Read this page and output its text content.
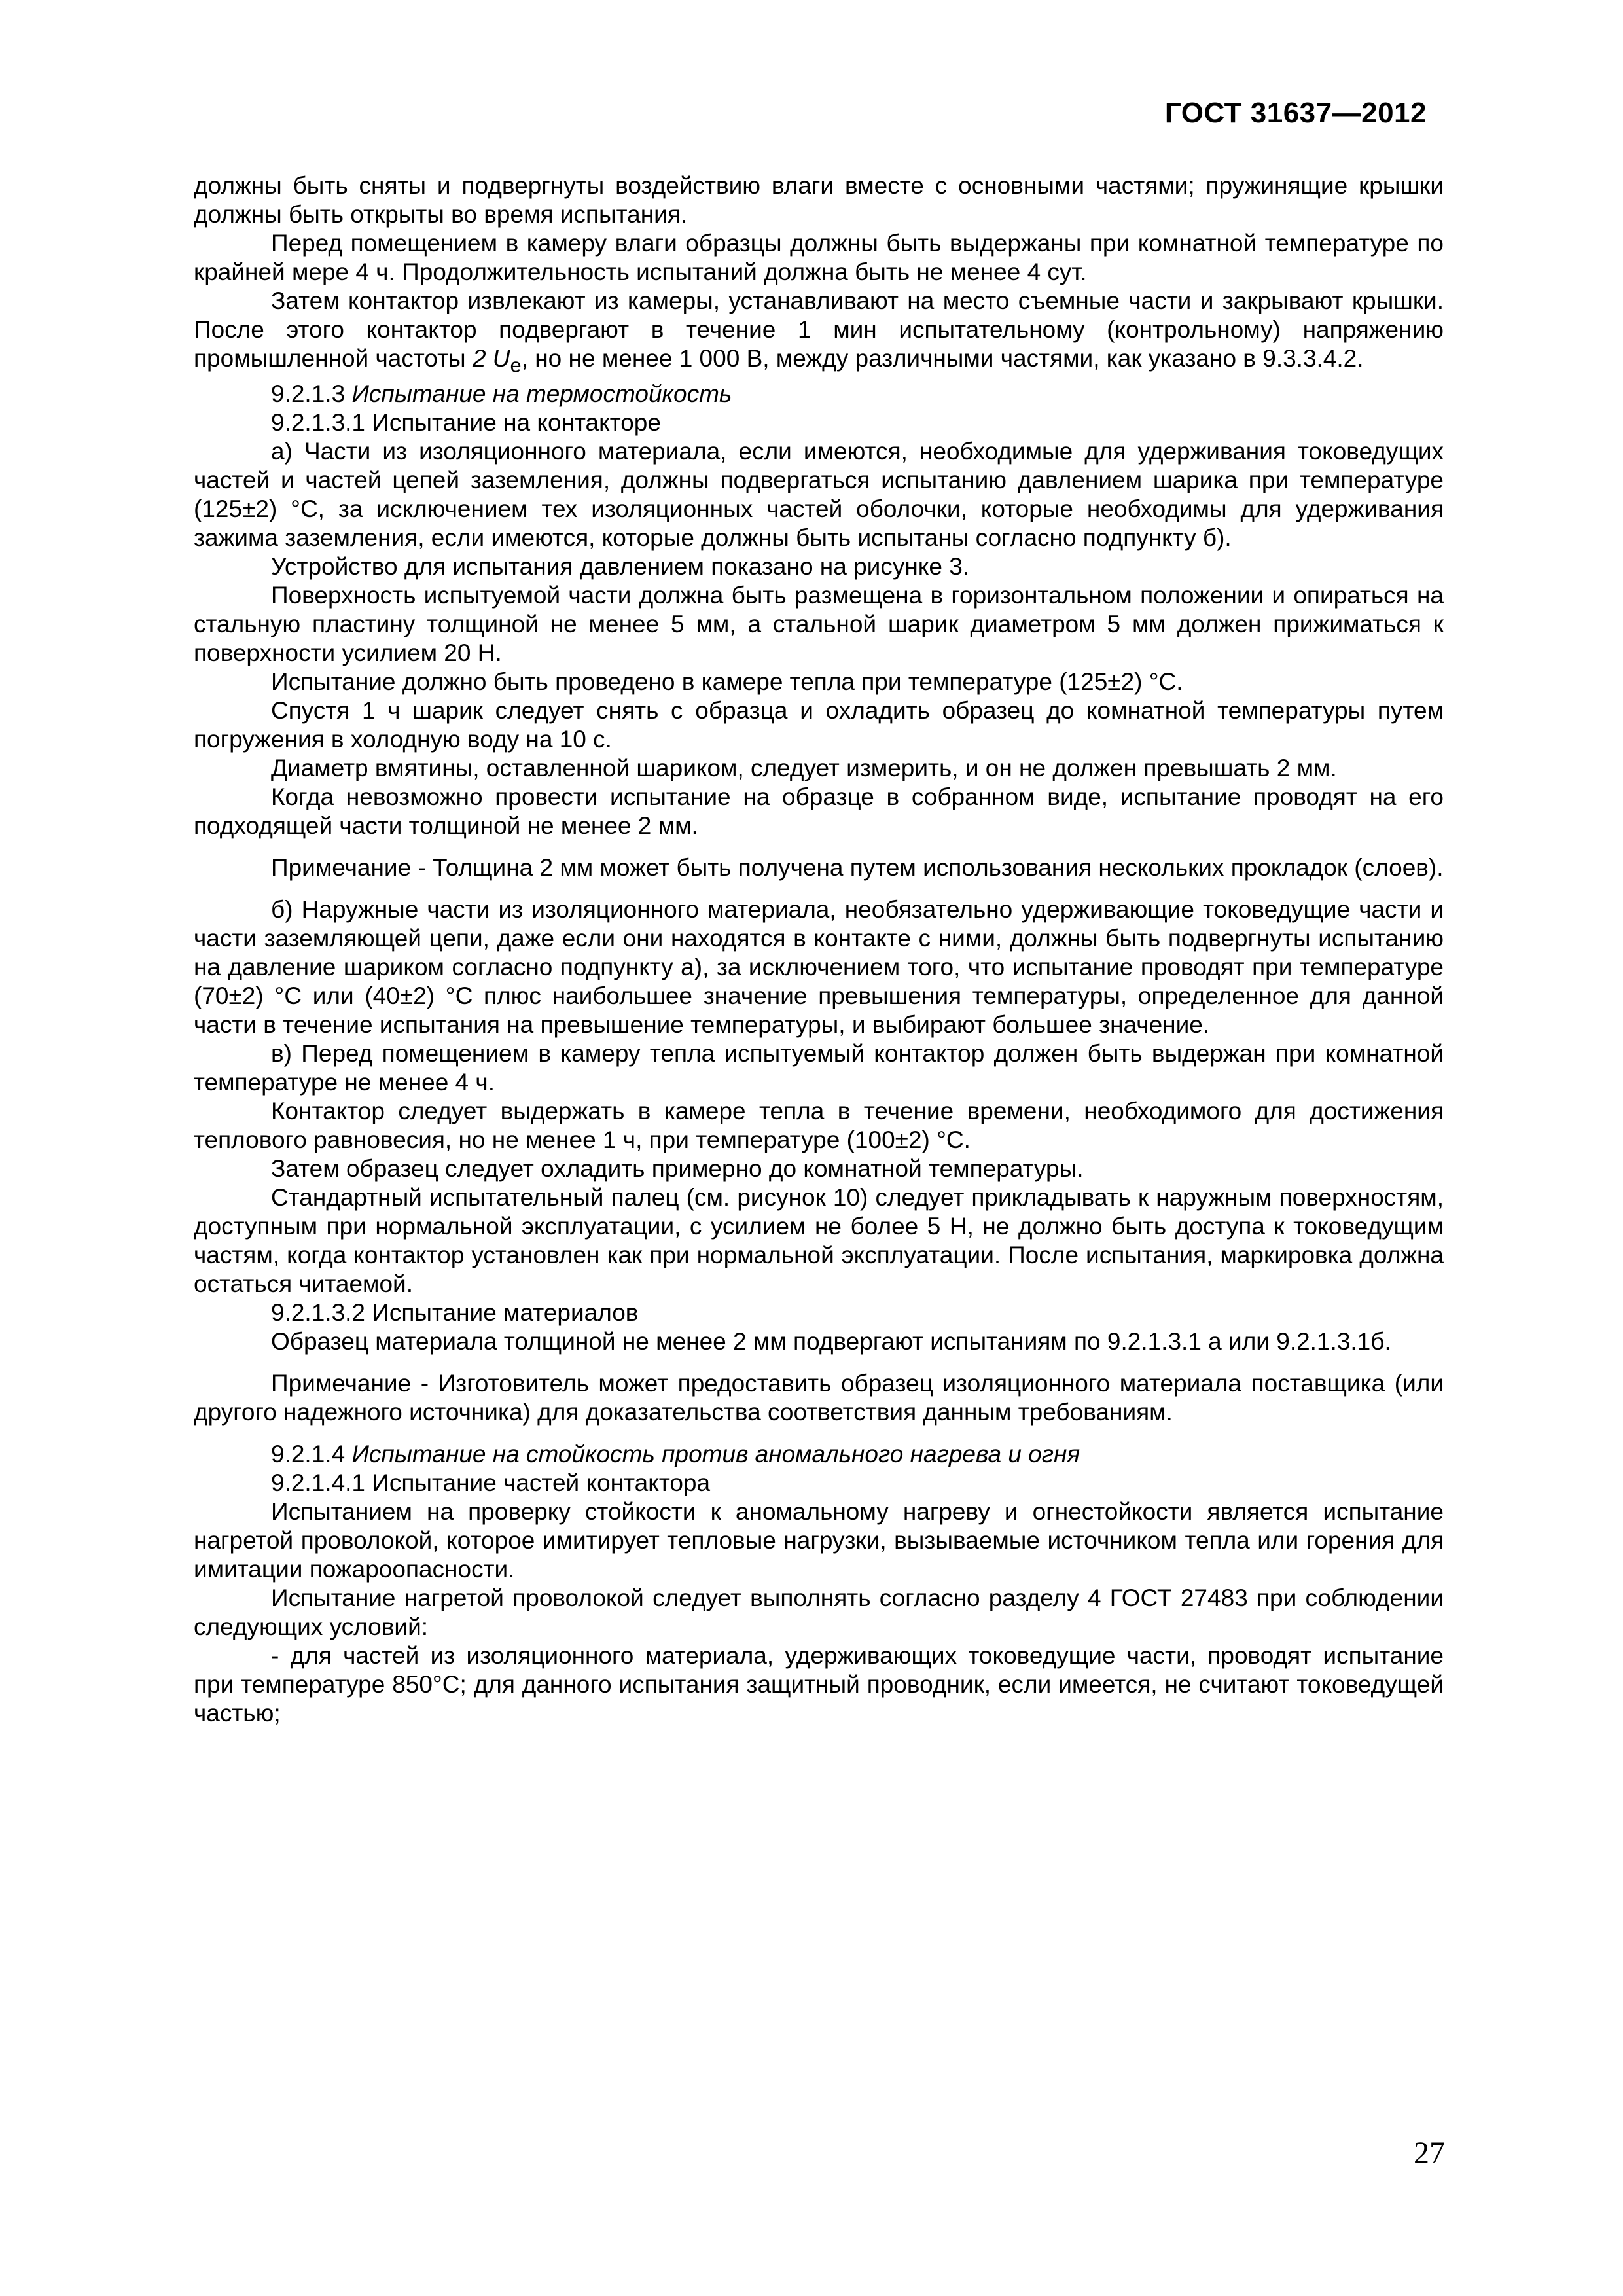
ГОСТ 31637—2012

должны быть сняты и подвергнуты воздействию влаги вместе с основными частями; пружинящие крышки должны быть открыты во время испытания.

Перед помещением в камеру влаги образцы должны быть выдержаны при комнатной температуре по крайней мере 4 ч. Продолжительность испытаний должна быть не менее 4 сут.

Затем контактор извлекают из камеры, устанавливают на место съемные части и закрывают крышки. После этого контактор подвергают в течение 1 мин испытательному (контрольному) напряжению промышленной частоты 2 $U_e$, но не менее 1 000 В, между различными частями, как указано в 9.3.3.4.2.

9.2.1.3 Испытание на термостойкость

9.2.1.3.1 Испытание на контакторе

а) Части из изоляционного материала, если имеются, необходимые для удерживания токоведущих частей и частей цепей заземления, должны подвергаться испытанию давлением шарика при температуре (125±2) °С, за исключением тех изоляционных частей оболочки, которые необходимы для удерживания зажима заземления, если имеются, которые должны быть испытаны согласно подпункту б).

Устройство для испытания давлением показано на рисунке 3.

Поверхность испытуемой части должна быть размещена в горизонтальном положении и опираться на стальную пластину толщиной не менее 5 мм, а стальной шарик диаметром 5 мм должен прижиматься к поверхности усилием 20 Н.

Испытание должно быть проведено в камере тепла при температуре (125±2) °С.

Спустя 1 ч шарик следует снять с образца и охладить образец до комнатной температуры путем погружения в холодную воду на 10 с.

Диаметр вмятины, оставленной шариком, следует измерить, и он не должен превышать 2 мм.

Когда невозможно провести испытание на образце в собранном виде, испытание проводят на его подходящей части толщиной не менее 2 мм.

Примечание - Толщина 2 мм может быть получена путем использования нескольких прокладок (слоев).

б) Наружные части из изоляционного материала, необязательно удерживающие токоведущие части и части заземляющей цепи, даже если они находятся в контакте с ними, должны быть подвергнуты испытанию на давление шариком согласно подпункту а), за исключением того, что испытание проводят при температуре (70±2) °С или (40±2) °С плюс наибольшее значение превышения температуры, определенное для данной части в течение испытания на превышение температуры, и выбирают большее значение.

в) Перед помещением в камеру тепла испытуемый контактор должен быть выдержан при комнатной температуре не менее 4 ч.

Контактор следует выдержать в камере тепла в течение времени, необходимого для достижения теплового равновесия, но не менее 1 ч, при температуре (100±2) °С.

Затем образец следует охладить примерно до комнатной температуры.

Стандартный испытательный палец (см. рисунок 10) следует прикладывать к наружным поверхностям, доступным при нормальной эксплуатации, с усилием не более 5 Н, не должно быть доступа к токоведущим частям, когда контактор установлен как при нормальной эксплуатации. После испытания, маркировка должна остаться читаемой.

9.2.1.3.2 Испытание материалов

Образец материала толщиной не менее 2 мм подвергают испытаниям по 9.2.1.3.1 а или 9.2.1.3.1б.

Примечание - Изготовитель может предоставить образец изоляционного материала поставщика (или другого надежного источника) для доказательства соответствия данным требованиям.

9.2.1.4 Испытание на стойкость против аномального нагрева и огня

9.2.1.4.1 Испытание частей контактора

Испытанием на проверку стойкости к аномальному нагреву и огнестойкости является испытание нагретой проволокой, которое имитирует тепловые нагрузки, вызываемые источником тепла или горения для имитации пожароопасности.

Испытание нагретой проволокой следует выполнять согласно разделу 4 ГОСТ 27483 при соблюдении следующих условий:

- для частей из изоляционного материала, удерживающих токоведущие части, проводят испытание при температуре 850°С; для данного испытания защитный проводник, если имеется, не считают токоведущей частью;

27
